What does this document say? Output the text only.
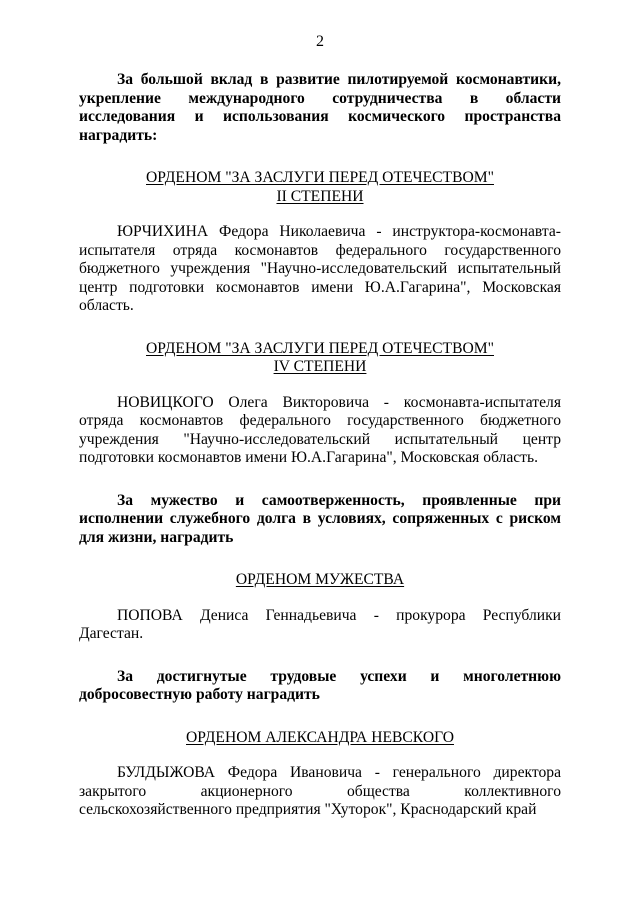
2

За большой вклад в развитие пилотируемой космонавтики, укрепление международного сотрудничества в области исследования и использования космического пространства наградить:

ОРДЕНОМ "ЗА ЗАСЛУГИ ПЕРЕД ОТЕЧЕСТВОМ"

II СТЕПЕНИ

ЮРЧИХИНА Федора Николаевича - инструктора-космонавта-испытателя отряда космонавтов федерального государственного бюджетного учреждения "Научно-исследовательский испытательный центр подготовки космонавтов имени Ю.А.Гагарина", Московская область.

ОРДЕНОМ "ЗА ЗАСЛУГИ ПЕРЕД ОТЕЧЕСТВОМ"

IV СТЕПЕНИ

НОВИЦКОГО Олега Викторовича - космонавта-испытателя отряда космонавтов федерального государственного бюджетного учреждения "Научно-исследовательский испытательный центр подготовки космонавтов имени Ю.А.Гагарина", Московская область.

За мужество и самоотверженность, проявленные при исполнении служебного долга в условиях, сопряженных с риском для жизни, наградить

ОРДЕНОМ МУЖЕСТВА

ПОПОВА Дениса Геннадьевича - прокурора Республики Дагестан.

За достигнутые трудовые успехи и многолетнюю добросовестную работу наградить

ОРДЕНОМ АЛЕКСАНДРА НЕВСКОГО

БУЛДЫЖОВА Федора Ивановича - генерального директора закрытого акционерного общества коллективного сельскохозяйственного предприятия "Хуторок", Краснодарский край
